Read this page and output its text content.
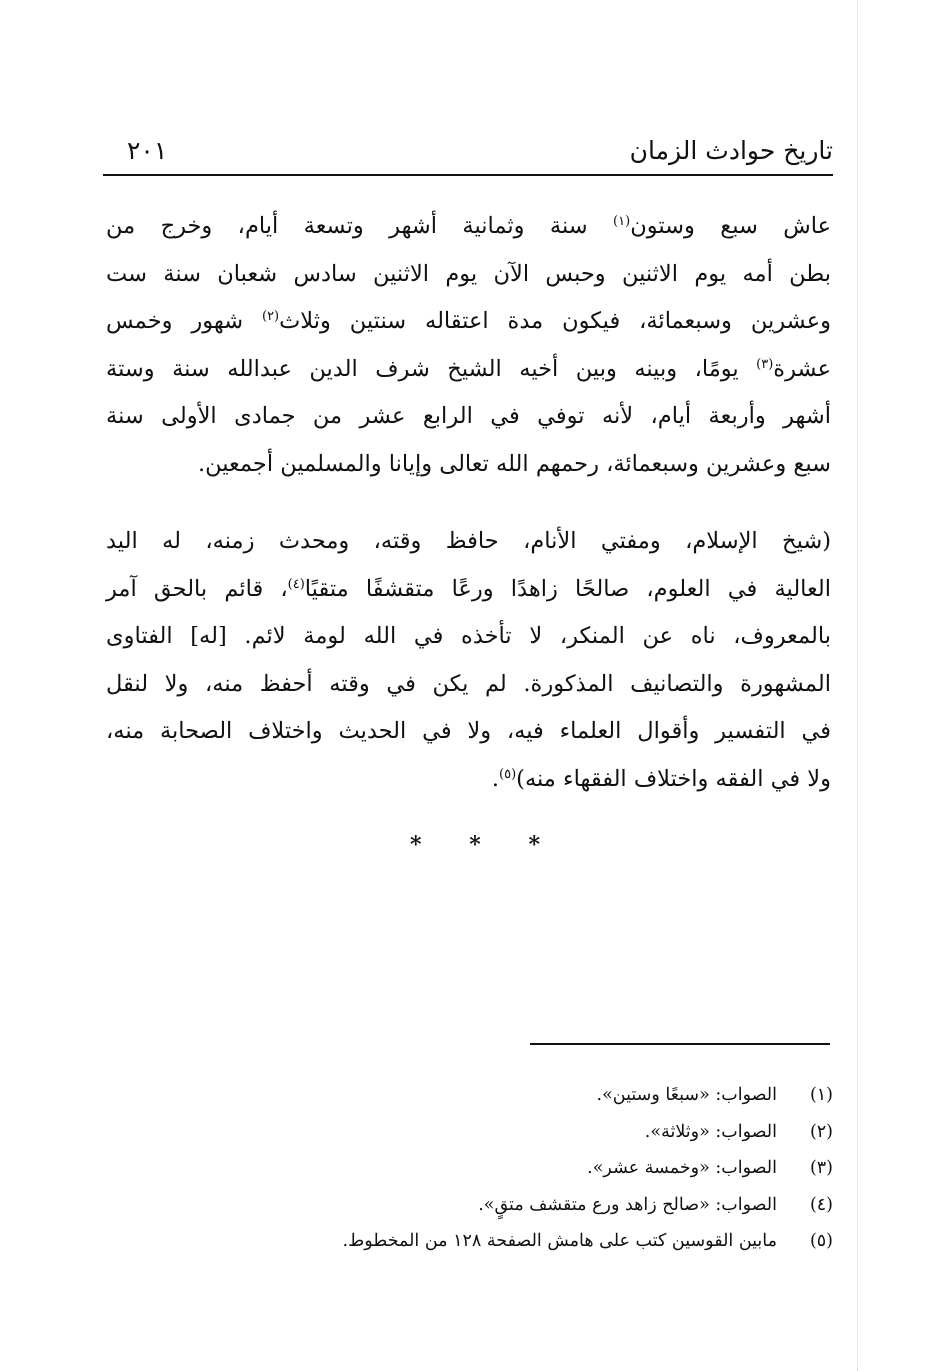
تاريخ حوادث الزمان
٢٠١
عاش سبع وستون$^{(١)}$ سنة وثمانية أشهر وتسعة أيام، وخرج من
بطن أمه يوم الاثنين وحبس الآن يوم الاثنين سادس شعبان سنة ست
وعشرين وسبعمائة، فيكون مدة اعتقاله سنتين وثلاث$^{(٢)}$ شهور وخمس
عشرة$^{(٣)}$ يومًا، وبينه وبين أخيه الشيخ شرف الدين عبدالله سنة وستة
أشهر وأربعة أيام، لأنه توفي في الرابع عشر من جمادى الأولى سنة
سبع وعشرين وسبعمائة، رحمهم الله تعالى وإيانا والمسلمين أجمعين.
(شيخ الإسلام، ومفتي الأنام، حافظ وقته، ومحدث زمنه، له اليد
العالية في العلوم، صالحًا زاهدًا ورعًا متقشفًا متقيًا$^{(٤)}$، قائم بالحق آمر
بالمعروف، ناه عن المنكر، لا تأخذه في الله لومة لائم. [له] الفتاوى
المشهورة والتصانيف المذكورة. لم يكن في وقته أحفظ منه، ولا لنقل
في التفسير وأقوال العلماء فيه، ولا في الحديث واختلاف الصحابة منه،
ولا في الفقه واختلاف الفقهاء منه)$^{(٥)}$.
* * *
(١)الصواب: «سبعًا وستين».
(٢)الصواب: «وثلاثة».
(٣)الصواب: «وخمسة عشر».
(٤)الصواب: «صالح زاهد ورع متقشف متقٍ».
(٥)مابين القوسين كتب على هامش الصفحة ١٢٨ من المخطوط.
